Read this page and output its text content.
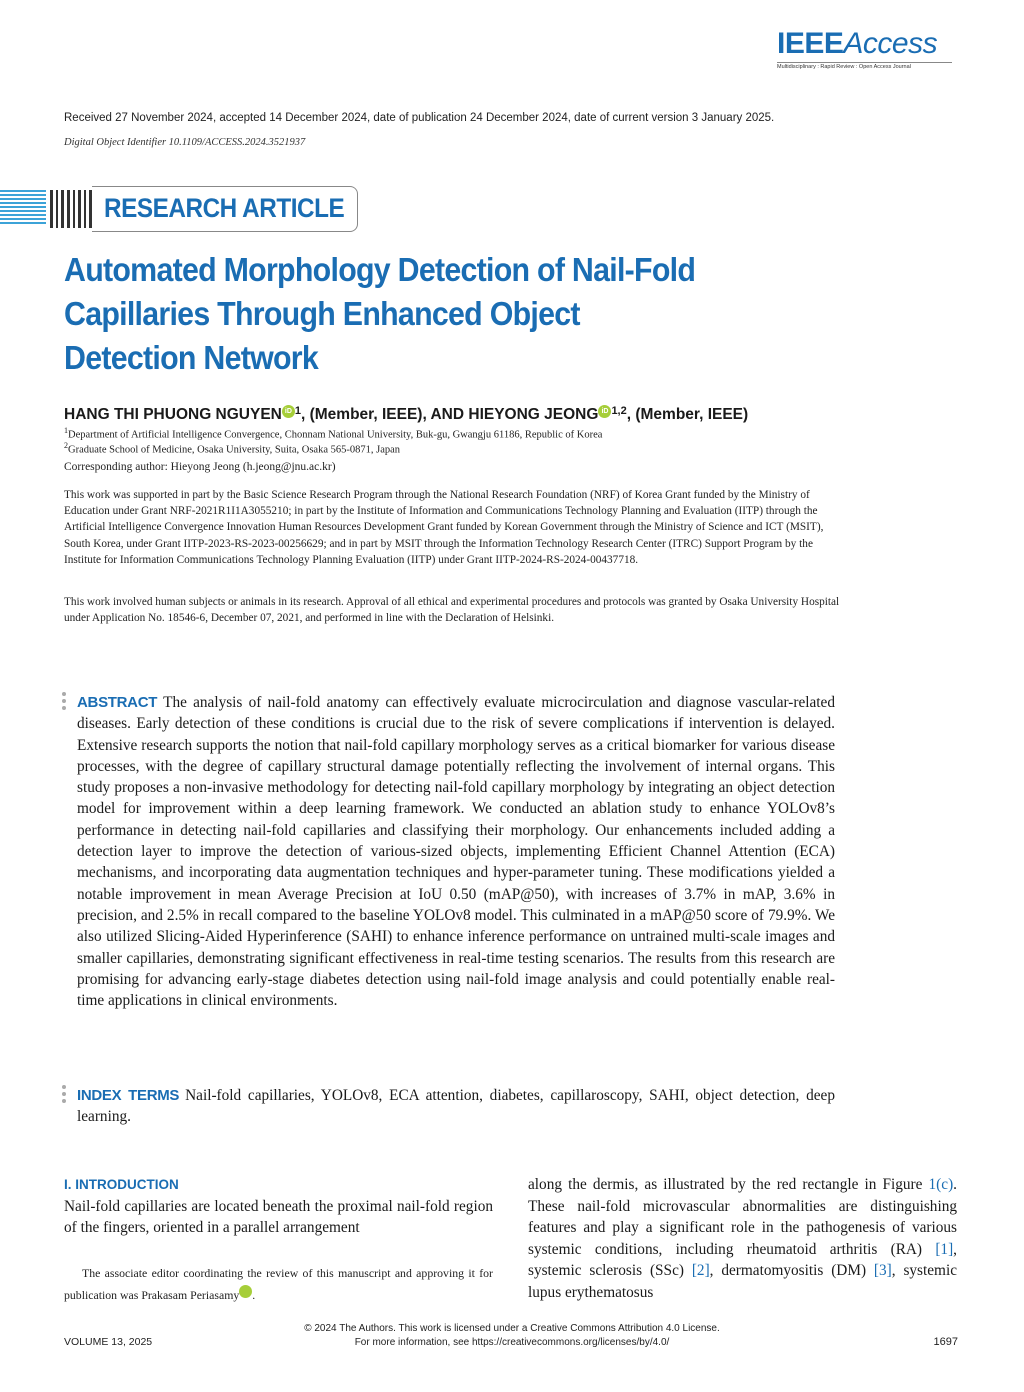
IEEEAccess
Multidisciplinary : Rapid Review : Open Access Journal
Received 27 November 2024, accepted 14 December 2024, date of publication 24 December 2024, date of current version 3 January 2025.
Digital Object Identifier 10.1109/ACCESS.2024.3521937
RESEARCH ARTICLE
Automated Morphology Detection of Nail-Fold
Capillaries Through Enhanced Object
Detection Network
HANG THI PHUONG NGUYEN iD $^1$, (Member, IEEE), AND HIEYONG JEONG iD $^{1,2}$, (Member, IEEE)
$^1$Department of Artificial Intelligence Convergence, Chonnam National University, Buk-gu, Gwangju 61186, Republic of Korea
$^2$Graduate School of Medicine, Osaka University, Suita, Osaka 565-0871, Japan
Corresponding author: Hieyong Jeong (h.jeong@jnu.ac.kr)

This work was supported in part by the Basic Science Research Program through the National Research Foundation (NRF) of Korea Grant funded by the Ministry of Education under Grant NRF-2021R1I1A3055210; in part by the Institute of Information and Communications Technology Planning and Evaluation (IITP) through the Artificial Intelligence Convergence Innovation Human Resources Development Grant funded by Korean Government through the Ministry of Science and ICT (MSIT), South Korea, under Grant IITP-2023-RS-2023-00256629; and in part by MSIT through the Information Technology Research Center (ITRC) Support Program by the Institute for Information Communications Technology Planning Evaluation (IITP) under Grant IITP-2024-RS-2024-00437718.

This work involved human subjects or animals in its research. Approval of all ethical and experimental procedures and protocols was granted by Osaka University Hospital under Application No. 18546-6, December 07, 2021, and performed in line with the Declaration of Helsinki.

ABSTRACT The analysis of nail-fold anatomy can effectively evaluate microcirculation and diagnose vascular-related diseases. Early detection of these conditions is crucial due to the risk of severe complications if intervention is delayed. Extensive research supports the notion that nail-fold capillary morphology serves as a critical biomarker for various disease processes, with the degree of capillary structural damage potentially reflecting the involvement of internal organs. This study proposes a non-invasive methodology for detecting nail-fold capillary morphology by integrating an object detection model for improvement within a deep learning framework. We conducted an ablation study to enhance YOLOv8’s performance in detecting nail-fold capillaries and classifying their morphology. Our enhancements included adding a detection layer to improve the detection of various-sized objects, implementing Efficient Channel Attention (ECA) mechanisms, and incorporating data augmentation techniques and hyper-parameter tuning. These modifications yielded a notable improvement in mean Average Precision at IoU 0.50 (mAP@50), with increases of 3.7% in mAP, 3.6% in precision, and 2.5% in recall compared to the baseline YOLOv8 model. This culminated in a mAP@50 score of 79.9%. We also utilized Slicing-Aided Hyperinference (SAHI) to enhance inference performance on untrained multi-scale images and smaller capillaries, demonstrating significant effectiveness in real-time testing scenarios. The results from this research are promising for advancing early-stage diabetes detection using nail-fold image analysis and could potentially enable real-time applications in clinical environments.

INDEX TERMS Nail-fold capillaries, YOLOv8, ECA attention, diabetes, capillaroscopy, SAHI, object detection, deep learning.

I. INTRODUCTION

Nail-fold capillaries are located beneath the proximal nail-fold region of the fingers, oriented in a parallel arrangement

The associate editor coordinating the review of this manuscript and approving it for publication was Prakasam Periasamy	iD.

along the dermis, as illustrated by the red rectangle in Figure 1(c). These nail-fold microvascular abnormalities are distinguishing features and play a significant role in the pathogenesis of various systemic conditions, including rheumatoid arthritis (RA) [1], systemic sclerosis (SSc) [2], dermatomyositis (DM) [3], systemic lupus erythematosus

© 2024 The Authors. This work is licensed under a Creative Commons Attribution 4.0 License.
For more information, see https://creativecommons.org/licenses/by/4.0/
VOLUME 13, 2025	1697
